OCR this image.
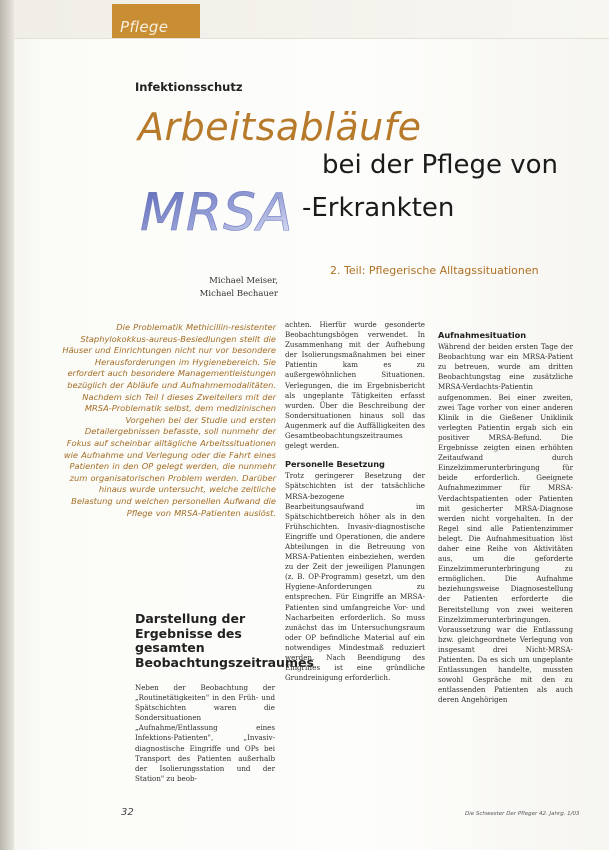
Pflege
Infektionsschutz
Arbeitsabläufe
bei der Pflege von
MRSA -Erkrankten
Michael Meiser,
Michael Bechauer
2. Teil: Pflegerische Alltagssituationen
Die Problematik Methicillin-resistenter Staphylokokkus-aureus-Besiedlungen stellt die Häuser und Einrichtungen nicht nur vor besondere Herausforderungen im Hygienebereich. Sie erfordert auch besondere Managementleistungen bezüglich der Abläufe und Aufnahmemodalitäten. Nachdem sich Teil I dieses Zweiteilers mit der MRSA-Problematik selbst, dem medizinischen Vorgehen bei der Studie und ersten Detailergebnissen befasste, soll nunmehr der Fokus auf scheinbar alltägliche Arbeitssituationen wie Aufnahme und Verlegung oder die Fahrt eines Patienten in den OP gelegt werden, die nunmehr zum organisatorischen Problem werden. Darüber hinaus wurde untersucht, welche zeitliche Belastung und welchen personellen Aufwand die Pflege von MRSA-Patienten auslöst.
Darstellung der Ergebnisse des gesamten Beobachtungszeitraumes

Neben der Beobachtung der „Routinetätigkeiten" in den Früh- und Spätschichten waren die Sondersituationen „Aufnahme/Entlassung eines Infektions-Patienten", „Invasiv-diagnostische Eingriffe und OPs bei Transport des Patienten außerhalb der Isolierungsstation und der Station" zu beob-

achten. Hierfür wurde gesonderte Beobachtungsbögen verwendet. In Zusammenhang mit der Aufhebung der Isolierungsmaßnahmen bei einer Patientin kam es zu außergewöhnlichen Situationen. Verlegungen, die im Ergebnisbericht als ungeplante Tätigkeiten erfasst wurden. Über die Beschreibung der Sondersituationen hinaus soll das Augenmerk auf die Auffälligkeiten des Gesamtbeobachtungszeitraumes gelegt werden.

Personelle Besetzung

Trotz geringerer Besetzung der Spätschichten ist der tatsächliche MRSA-bezogene Bearbeitungsaufwand im Spätschichtbereich höher als in den Frühschichten. Invasiv-diagnostische Eingriffe und Operationen, die andere Abteilungen in die Betreuung von MRSA-Patienten einbeziehen, werden zu der Zeit der jeweiligen Planungen (z. B. OP-Programm) gesetzt, um den Hygiene-Anforderungen zu entsprechen. Für Eingriffe an MRSA-Patienten sind umfangreiche Vor- und Nacharbeiten erforderlich. So muss zunächst das im Untersuchungsraum oder OP befindliche Material auf ein notwendiges Mindestmaß reduziert werden. Nach Beendigung des Eingriffes ist eine gründliche Grundreinigung erforderlich.

Aufnahmesituation

Während der beiden ersten Tage der Beobachtung war ein MRSA-Patient zu betreuen, wurde am dritten Beobachtungstag eine zusätzliche MRSA-Verdachts-Patientin aufgenommen. Bei einer zweiten, zwei Tage vorher von einer anderen Klinik in die Gießener Uniklinik verlegten Patientin ergab sich ein positiver MRSA-Befund. Die Ergebnisse zeigten einen erhöhten Zeitaufwand durch Einzelzimmerunterbringung für beide erforderlich. Geeignete Aufnahmezimmer für MRSA-Verdachtspatienten oder Patienten mit gesicherter MRSA-Diagnose werden nicht vorgehalten. In der Regel sind alle Patientenzimmer belegt. Die Aufnahmesituation löst daher eine Reihe von Aktivitäten aus, um die geforderte Einzelzimmerunterbringung zu ermöglichen. Die Aufnahme beziehungsweise Diagnosestellung der Patienten erforderte die Bereitstellung von zwei weiteren Einzelzimmerunterbringungen. Voraussetzung war die Entlassung bzw. gleichgeordnete Verlegung von insgesamt drei Nicht-MRSA-Patienten. Da es sich um ungeplante Entlassungen handelte, mussten sowohl Gespräche mit den zu entlassenden Patienten als auch deren Angehörigen

32	Die Schwester Der Pfleger 42. Jahrg. 1/03
